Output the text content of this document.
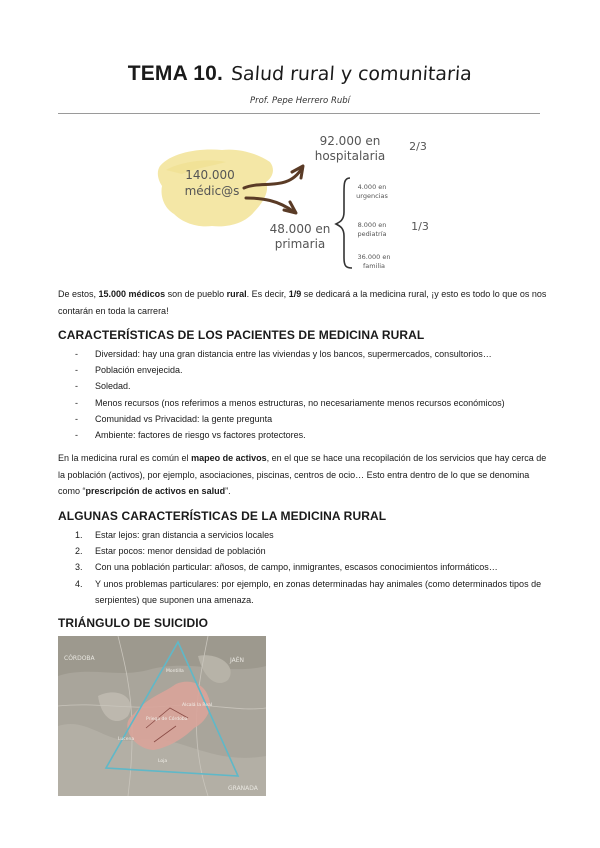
TEMA 10. Salud rural y comunitaria
Prof. Pepe Herrero Rubí
140.000
médic@s
92.000 en
hospitalaria
2/3
48.000 en
primaria
4.000 en
urgencias
8.000 en
pediatría
36.000 en
familia
1/3

De estos, 15.000 médicos son de pueblo rural. Es decir, 1/9 se dedicará a la medicina rural, ¡y esto es todo lo que os nos contarán en toda la carrera!

CARACTERÍSTICAS DE LOS PACIENTES DE MEDICINA RURAL
- Diversidad: hay una gran distancia entre las viviendas y los bancos, supermercados, consultorios…
- Población envejecida.
- Soledad.
- Menos recursos (nos referimos a menos estructuras, no necesariamente menos recursos económicos)
- Comunidad vs Privacidad: la gente pregunta
- Ambiente: factores de riesgo vs factores protectores.

En la medicina rural es común el mapeo de activos, en el que se hace una recopilación de los servicios que hay cerca de la población (activos), por ejemplo, asociaciones, piscinas, centros de ocio… Esto entra dentro de lo que se denomina como “prescripción de activos en salud”.

ALGUNAS CARACTERÍSTICAS DE LA MEDICINA RURAL
1. Estar lejos: gran distancia a servicios locales
2. Estar pocos: menor densidad de población
3. Con una población particular: añosos, de campo, inmigrantes, escasos conocimientos informáticos…
4. Y unos problemas particulares: por ejemplo, en zonas determinadas hay animales (como determinados tipos de serpientes) que suponen una amenaza.
TRIÁNGULO DE SUICIDIO
CÓRDOBA	JAÉN
GRANADA
Montilla
Priego de Córdoba
Alcalá la Real
Lucena
Loja
